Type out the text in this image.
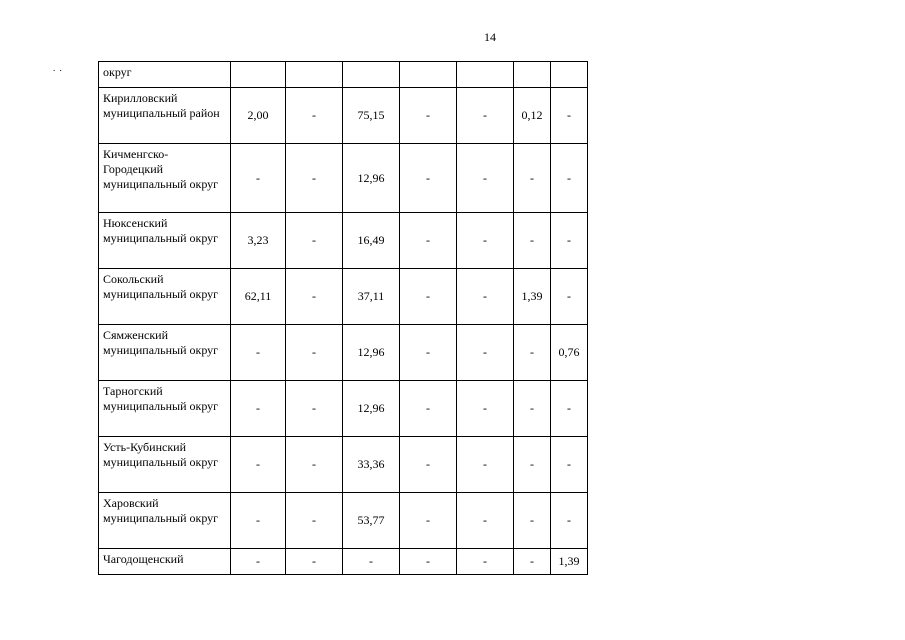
14
. .	округ							
Кирилловский муниципальный район	2,00	-	75,15	-	-	0,12	-
Кичменгско-Городецкий муниципальный округ	-	-	12,96	-	-	-	-
Нюксенский муниципальный округ	3,23	-	16,49	-	-	-	-
Сокольский муниципальный округ	62,11	-	37,11	-	-	1,39	-
Сямженский муниципальный округ	-	-	12,96	-	-	-	0,76
Тарногский муниципальный округ	-	-	12,96	-	-	-	-
Усть-Кубинский муниципальный округ	-	-	33,36	-	-	-	-
Харовский муниципальный округ	-	-	53,77	-	-	-	-
Чагодощенский	-	-	-	-	-	-	1,39
